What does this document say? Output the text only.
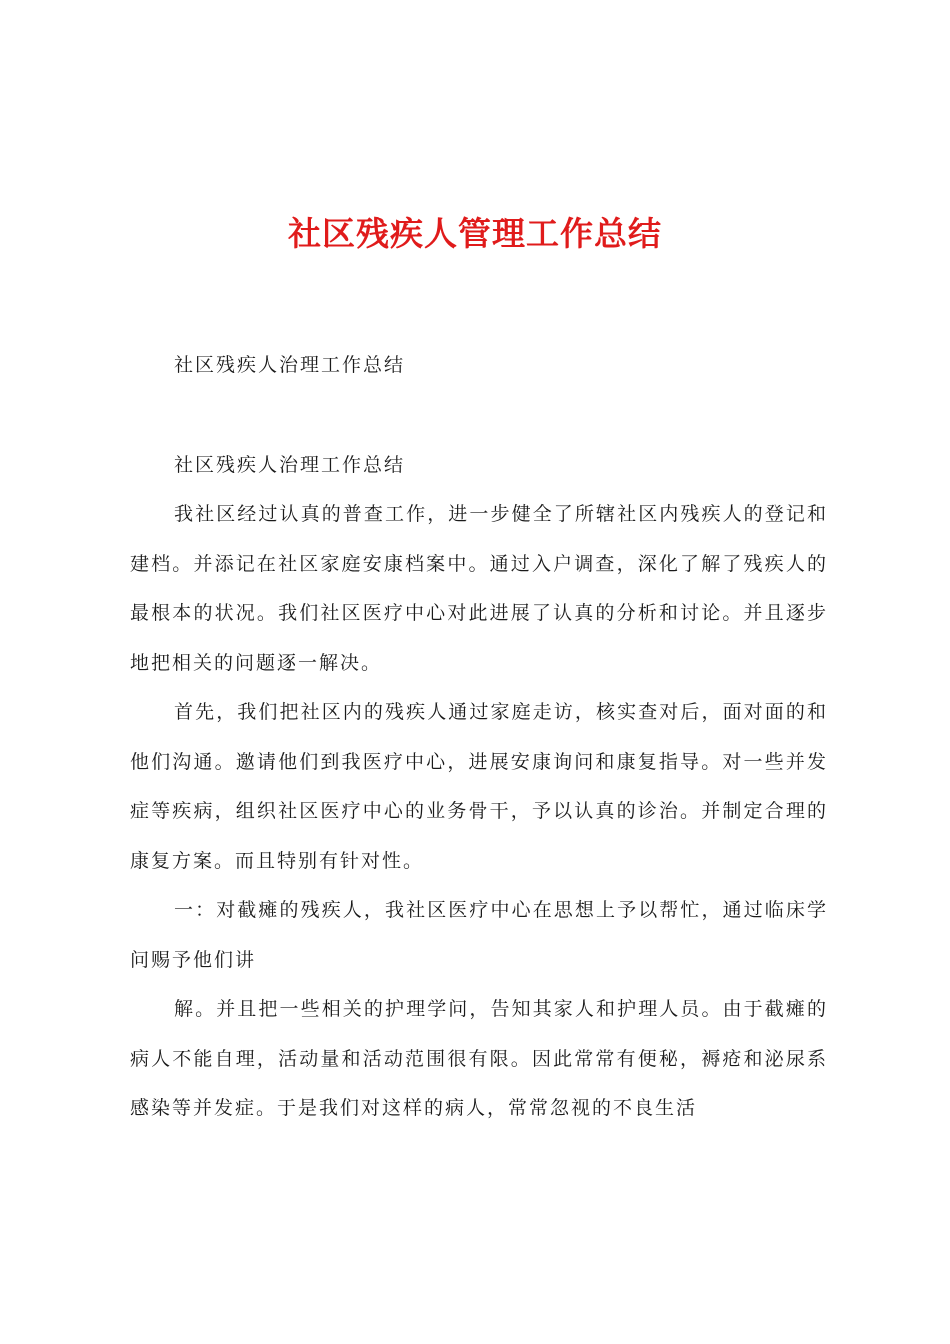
社区残疾人管理工作总结

社区残疾人治理工作总结

社区残疾人治理工作总结

我社区经过认真的普查工作，进一步健全了所辖社区内残疾人的登记和建档。并添记在社区家庭安康档案中。通过入户调查，深化了解了残疾人的最根本的状况。我们社区医疗中心对此进展了认真的分析和讨论。并且逐步地把相关的问题逐一解决。

首先，我们把社区内的残疾人通过家庭走访，核实查对后，面对面的和他们沟通。邀请他们到我医疗中心，进展安康询问和康复指导。对一些并发症等疾病，组织社区医疗中心的业务骨干，予以认真的诊治。并制定合理的康复方案。而且特别有针对性。

一：对截瘫的残疾人，我社区医疗中心在思想上予以帮忙，通过临床学问赐予他们讲

解。并且把一些相关的护理学问，告知其家人和护理人员。由于截瘫的病人不能自理，活动量和活动范围很有限。因此常常有便秘，褥疮和泌尿系感染等并发症。于是我们对这样的病人，常常忽视的不良生活
